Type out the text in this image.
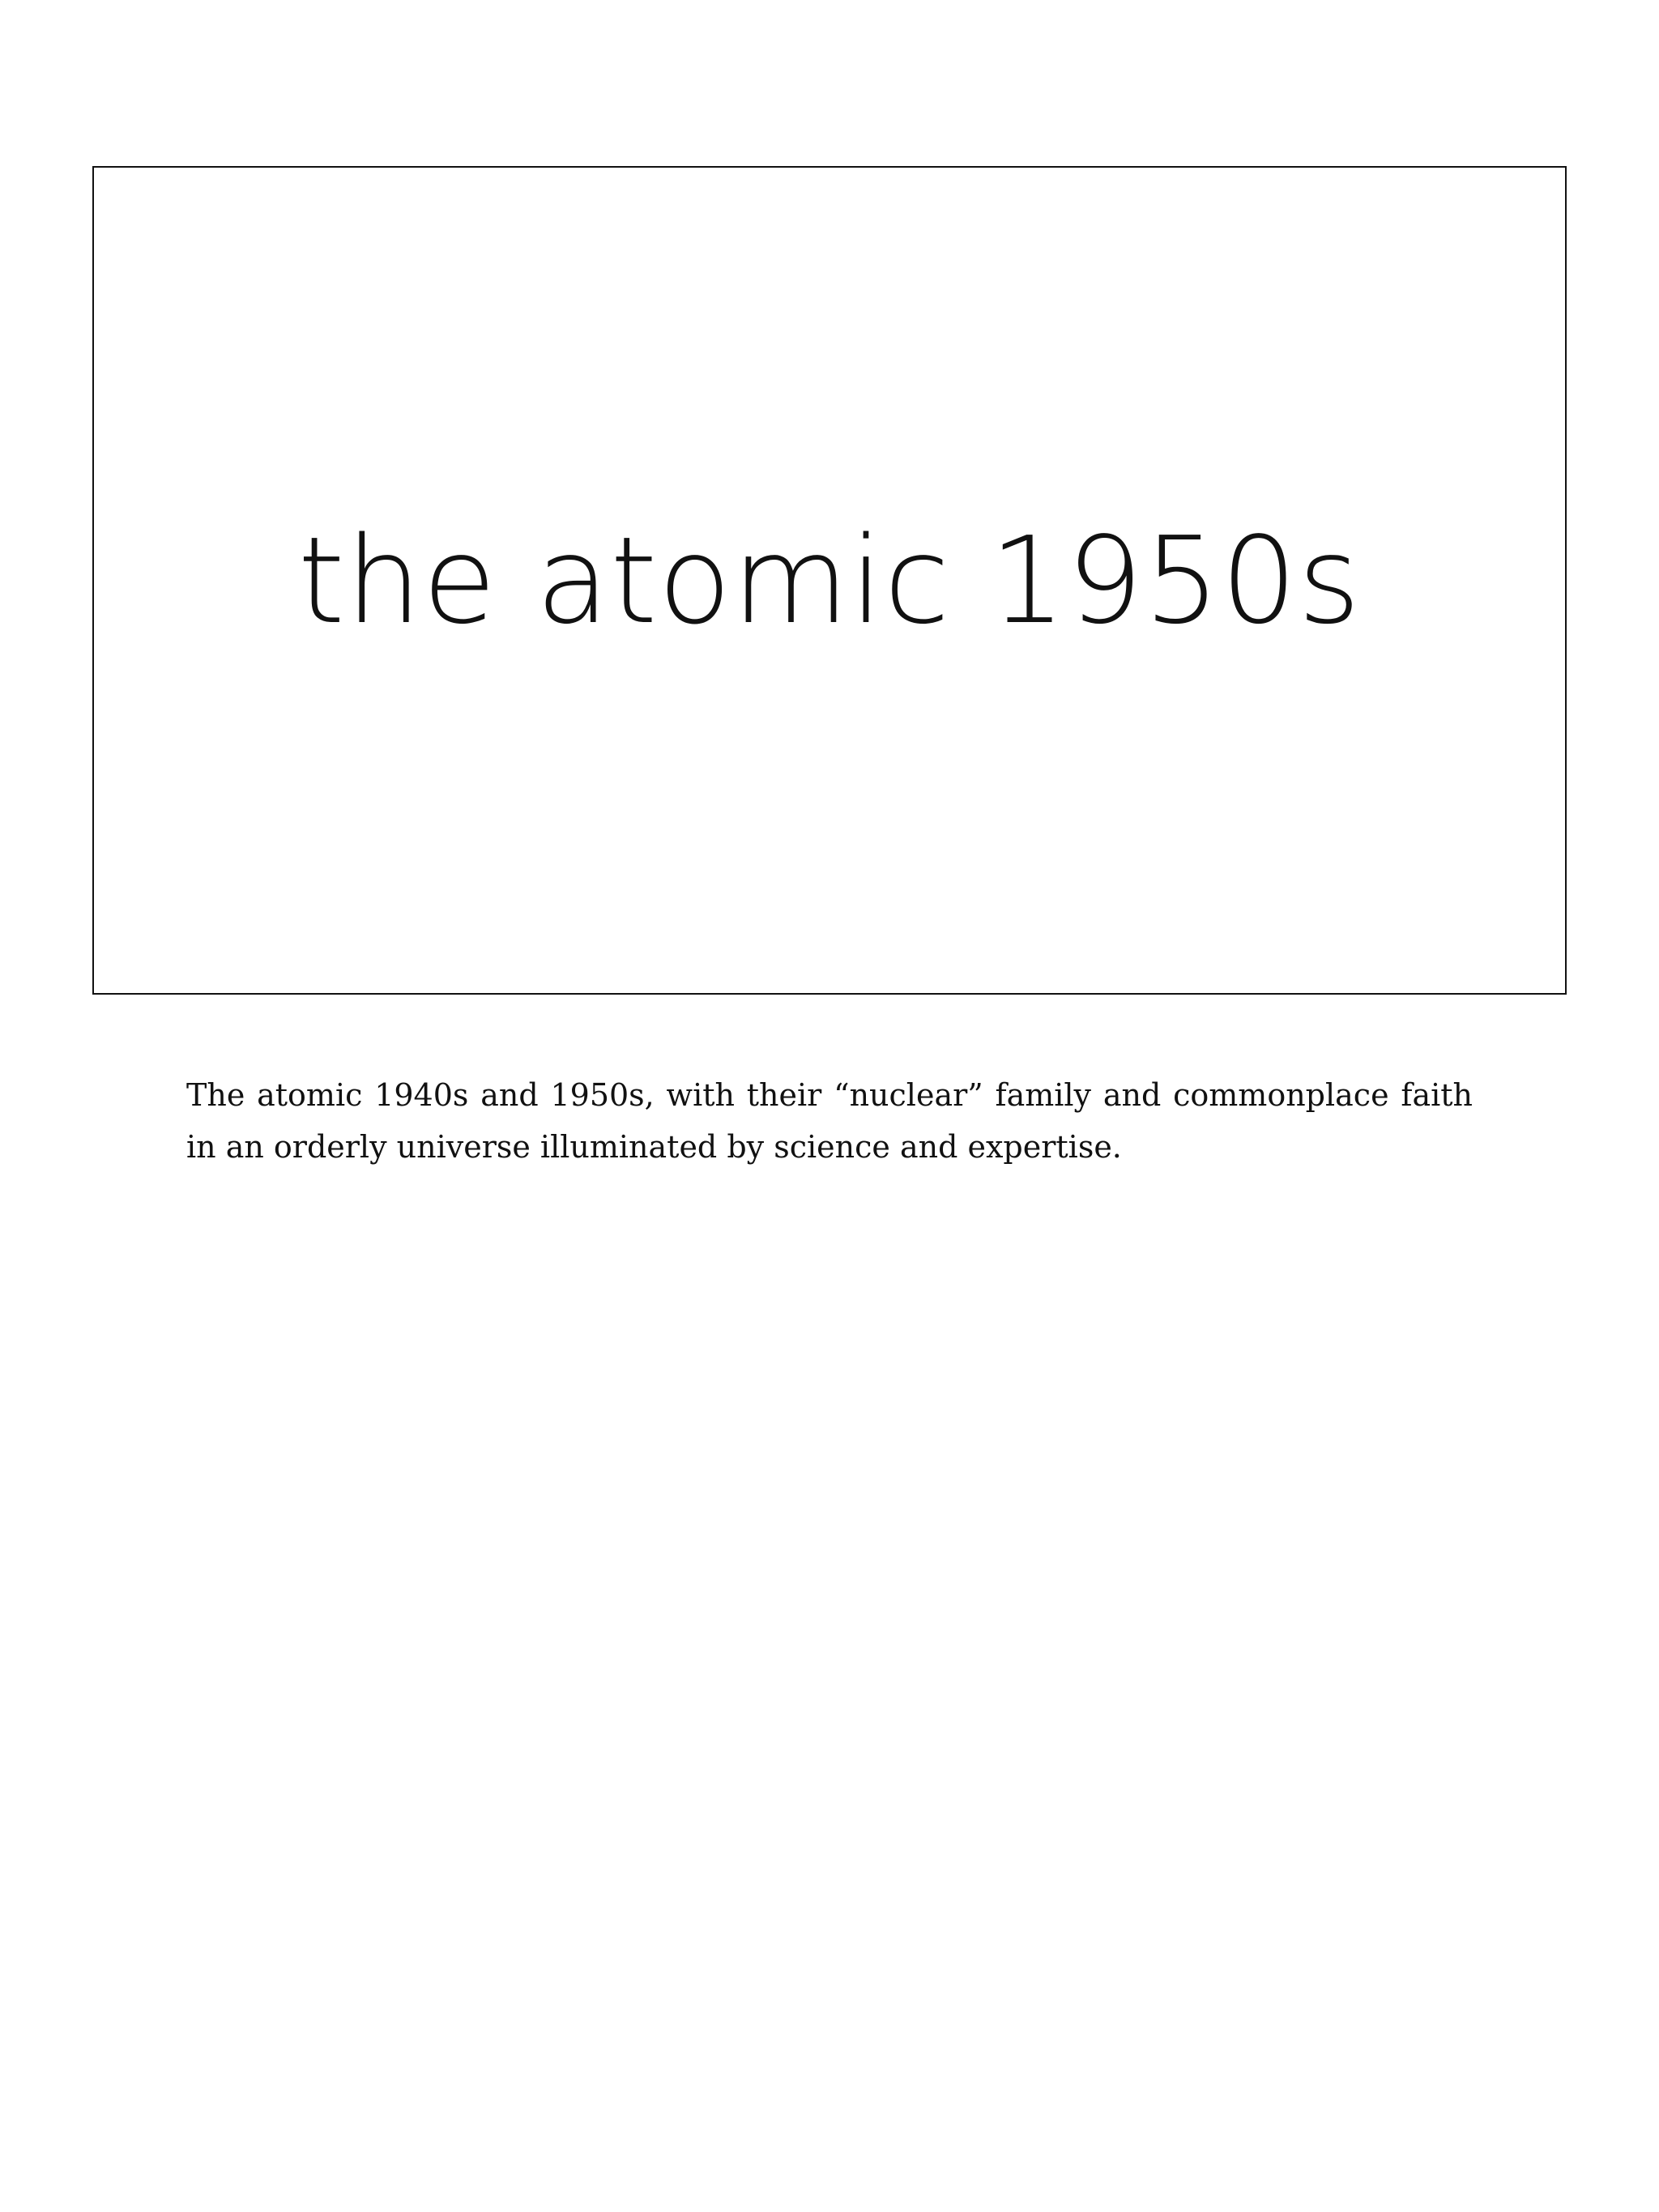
the atomic 1950s

The atomic 1940s and 1950s, with their “nuclear” family and commonplace faith in an orderly universe illuminated by science and expertise.
